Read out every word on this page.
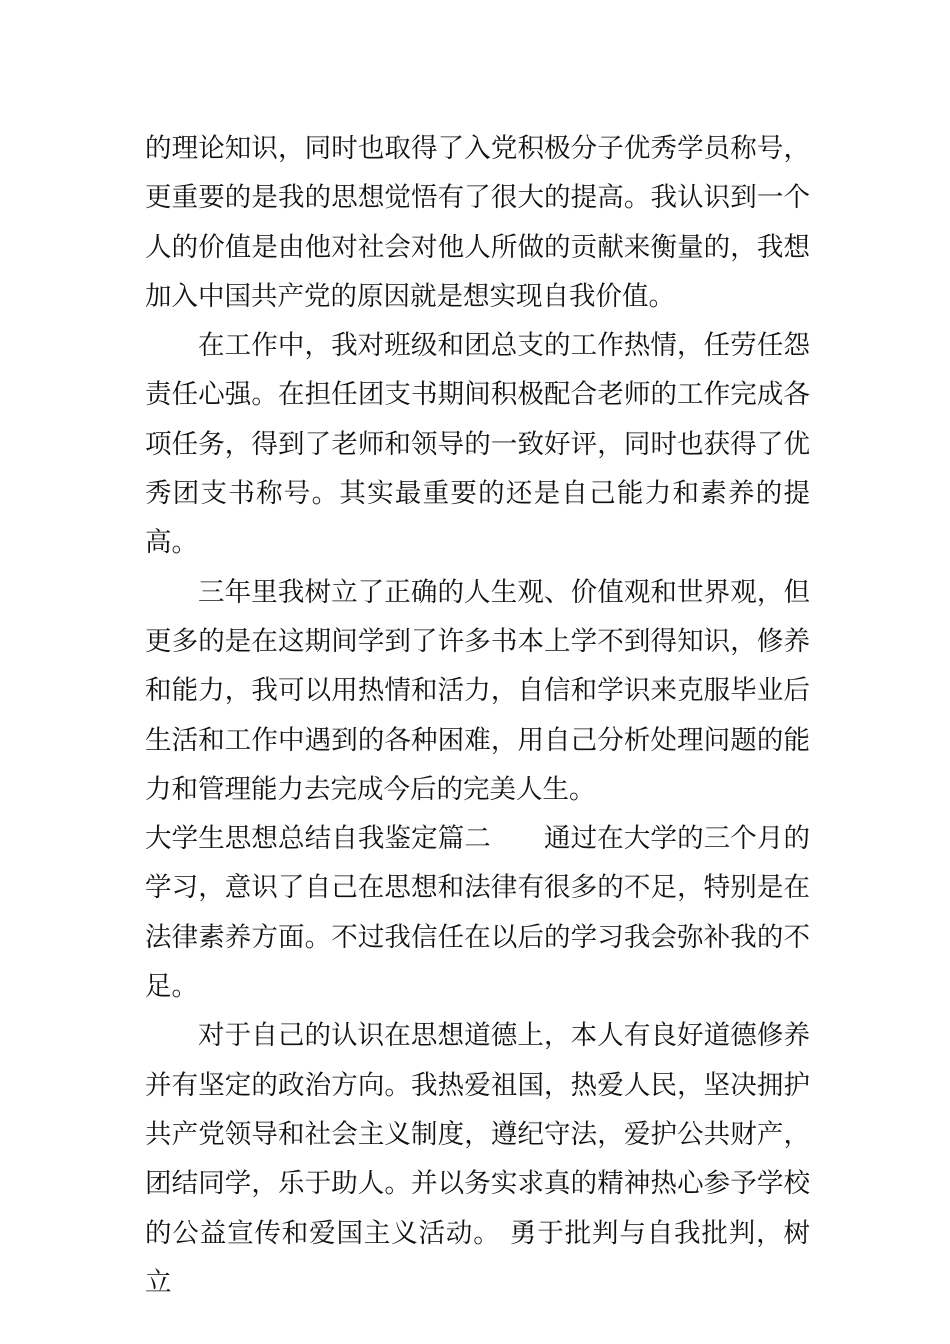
的理论知识，同时也取得了入党积极分子优秀学员称号，更重要的是我的思想觉悟有了很大的提高。我认识到一个人的价值是由他对社会对他人所做的贡献来衡量的，我想加入中国共产党的原因就是想实现自我价值。

在工作中，我对班级和团总支的工作热情，任劳任怨责任心强。在担任团支书期间积极配合老师的工作完成各项任务，得到了老师和领导的一致好评，同时也获得了优秀团支书称号。其实最重要的还是自己能力和素养的提高。

三年里我树立了正确的人生观、价值观和世界观，但更多的是在这期间学到了许多书本上学不到得知识，修养和能力，我可以用热情和活力，自信和学识来克服毕业后生活和工作中遇到的各种困难，用自己分析处理问题的能力和管理能力去完成今后的完美人生。

大学生思想总结自我鉴定篇二 通过在大学的三个月的学习，意识了自己在思想和法律有很多的不足，特别是在法律素养方面。不过我信任在以后的学习我会弥补我的不足。

对于自己的认识在思想道德上，本人有良好道德修养并有坚定的政治方向。我热爱祖国，热爱人民，坚决拥护共产党领导和社会主义制度，遵纪守法，爱护公共财产，团结同学，乐于助人。并以务实求真的精神热心参予学校的公益宣传和爱国主义活动。 勇于批判与自我批判，树立
